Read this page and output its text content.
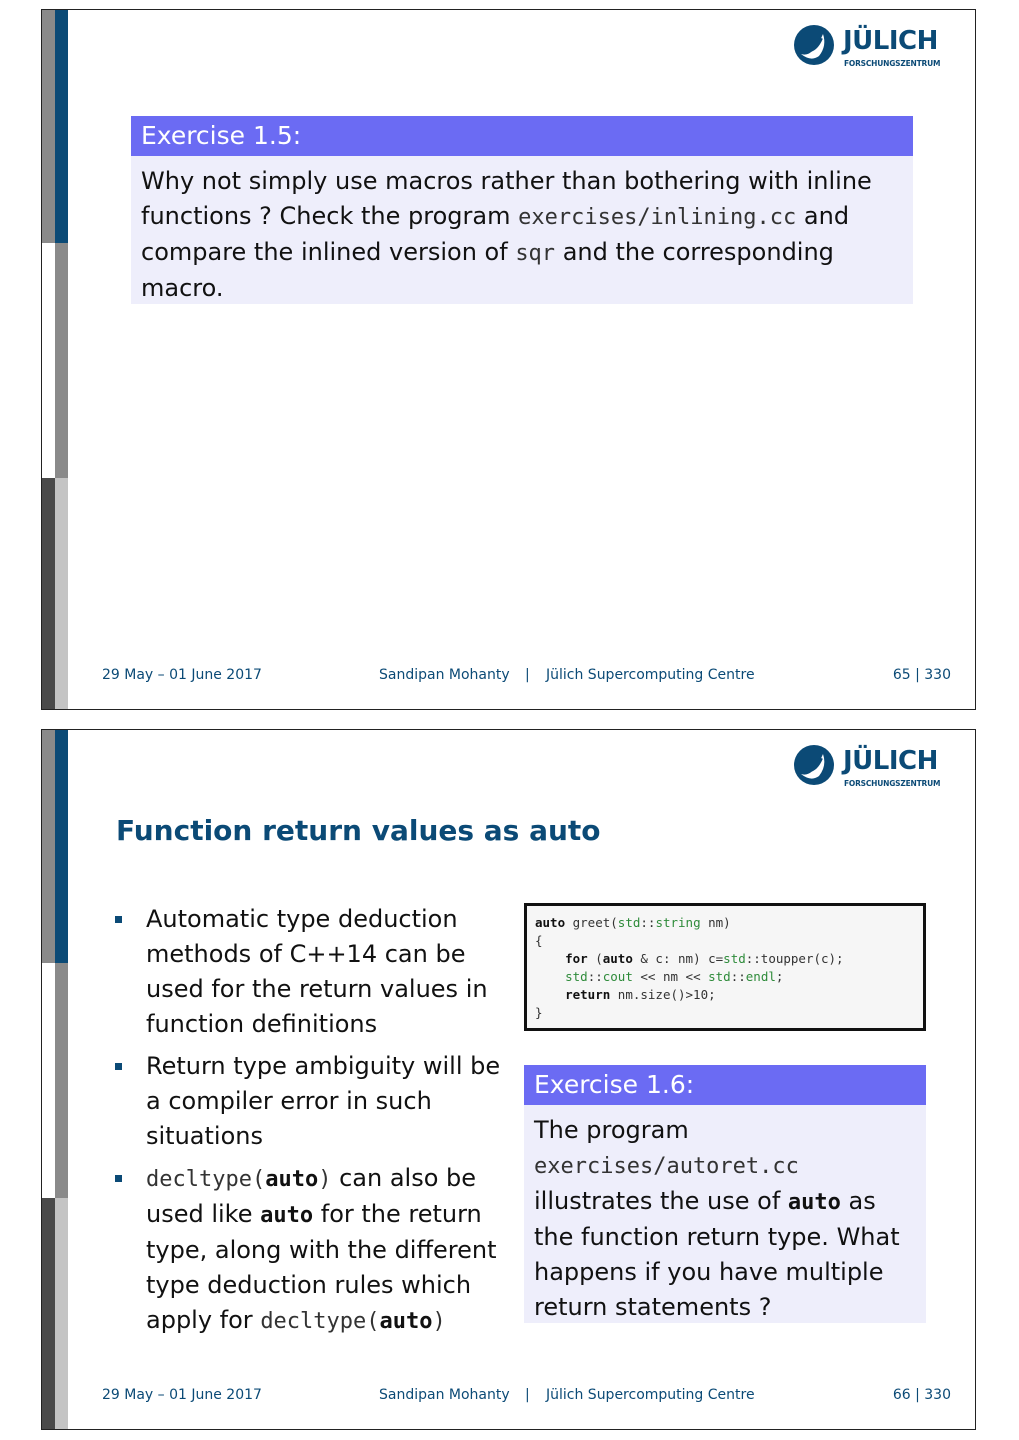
JÜLICH
FORSCHUNGSZENTRUM
Exercise 1.5:
Why not simply use macros rather than bothering with inline
functions ? Check the program exercises/inlining.cc and
compare the inlined version of sqr and the corresponding macro.
29 May – 01 June 2017	Sandipan Mohanty | Jülich Supercomputing Centre	65 | 330
JÜLICH
FORSCHUNGSZENTRUM
Function return values as auto
Automatic type deduction methods of C++14 can be used for the return values in function definitions
Return type ambiguity will be a compiler error in such situations
decltype(auto) can also be used like auto for the return type, along with the different type deduction rules which apply for decltype(auto)
auto greet(std::string nm)
{
for (auto & c: nm) c=std::toupper(c);
std::cout << nm << std::endl;
return nm.size()>10;
}
Exercise 1.6:
The program
exercises/autoret.cc
illustrates the use of auto as
the function return type. What
happens if you have multiple
return statements ?
29 May – 01 June 2017	Sandipan Mohanty | Jülich Supercomputing Centre	66 | 330
